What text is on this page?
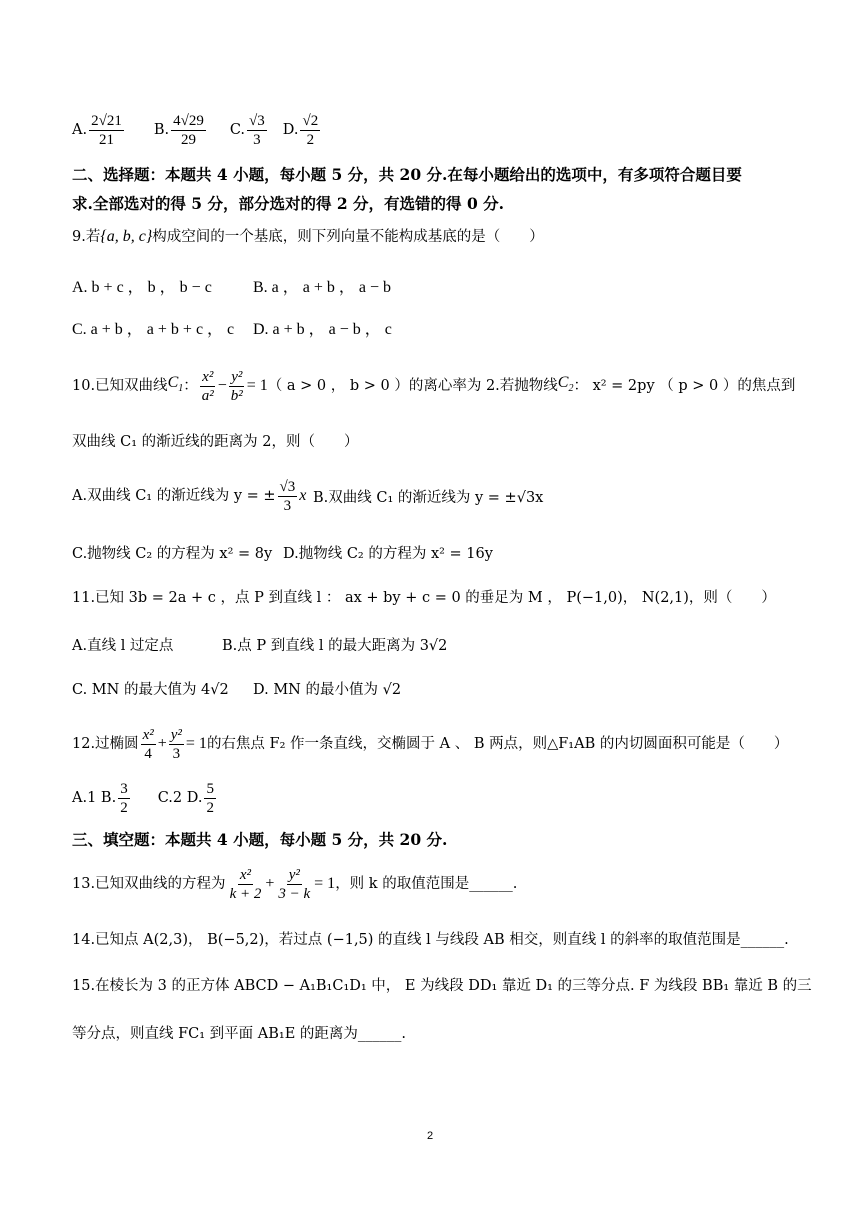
A. $\frac{2√21}{21} B$. $\frac{4√29}{29} C$. $\frac{√3}{3} D$. $\frac{√2}{2}$
二、选择题：本题共 4 小题，每小题 5 分，共 20 分.在每小题给出的选项中，有多项符合题目要
求.全部选对的得 5 分，部分选对的得 2 分，有选错的得 0 分.
9.若{a, b, c}构成空间的一个基底，则下列向量不能构成基底的是（　　）
A. b + c ， b ， b − c	B. a ， a + b ， a − b
C. a + b ， a + b + c ， c D. a + b ， a − b ， c
10.已知双曲线 $C_1$ ： $\frac{\text{x²}}{\text{a²}} - \frac{\text{y²}}{\text{b²}} = 1$ （ a > 0 ， b > 0 ）的离心率为 2.若抛物线 $C_2$ ： x² = 2py （ p > 0 ）的焦点到
双曲线 C₁ 的渐近线的距离为 2，则（　　）
A.双曲线 C₁ 的渐近线为 y = ± $\frac{√3}{3}$ x B.双曲线 C₁ 的渐近线为 y = ±√3x
C.抛物线 C₂ 的方程为 x² = 8y D.抛物线 C₂ 的方程为 x² = 16y
11.已知 3b = 2a + c ，点 P 到直线 l ： ax + by + c = 0 的垂足为 M ， P(−1,0)， N(2,1)，则（　　）
A.直线 l 过定点	B.点 P 到直线 l 的最大距离为 3√2
C. MN 的最大值为 4√2 D. MN 的最小值为 √2
12.过椭圆 $\frac{\text{x²}}{4} + \frac{\text{y²}}{3} = 1$ 的右焦点 F₂ 作一条直线，交椭圆于 A 、 B 两点，则△F₁AB 的内切圆面积可能是（　　）
A.1 B. $\frac{3}{2} C.2$ D. $\frac{5}{2}$
三、填空题：本题共 4 小题，每小题 5 分，共 20 分.
13.已知双曲线的方程为 $\frac{\text{x²}}{k + 2} + \frac{\text{y²}}{3 - k} = 1$ ，则 k 的取值范围是______.
14.已知点 A(2,3)， B(−5,2)，若过点 (−1,5) 的直线 l 与线段 AB 相交，则直线 l 的斜率的取值范围是______.
15.在棱长为 3 的正方体 ABCD − A₁B₁C₁D₁ 中， E 为线段 DD₁ 靠近 D₁ 的三等分点. F 为线段 BB₁ 靠近 B 的三
等分点，则直线 FC₁ 到平面 AB₁E 的距离为______.
2
